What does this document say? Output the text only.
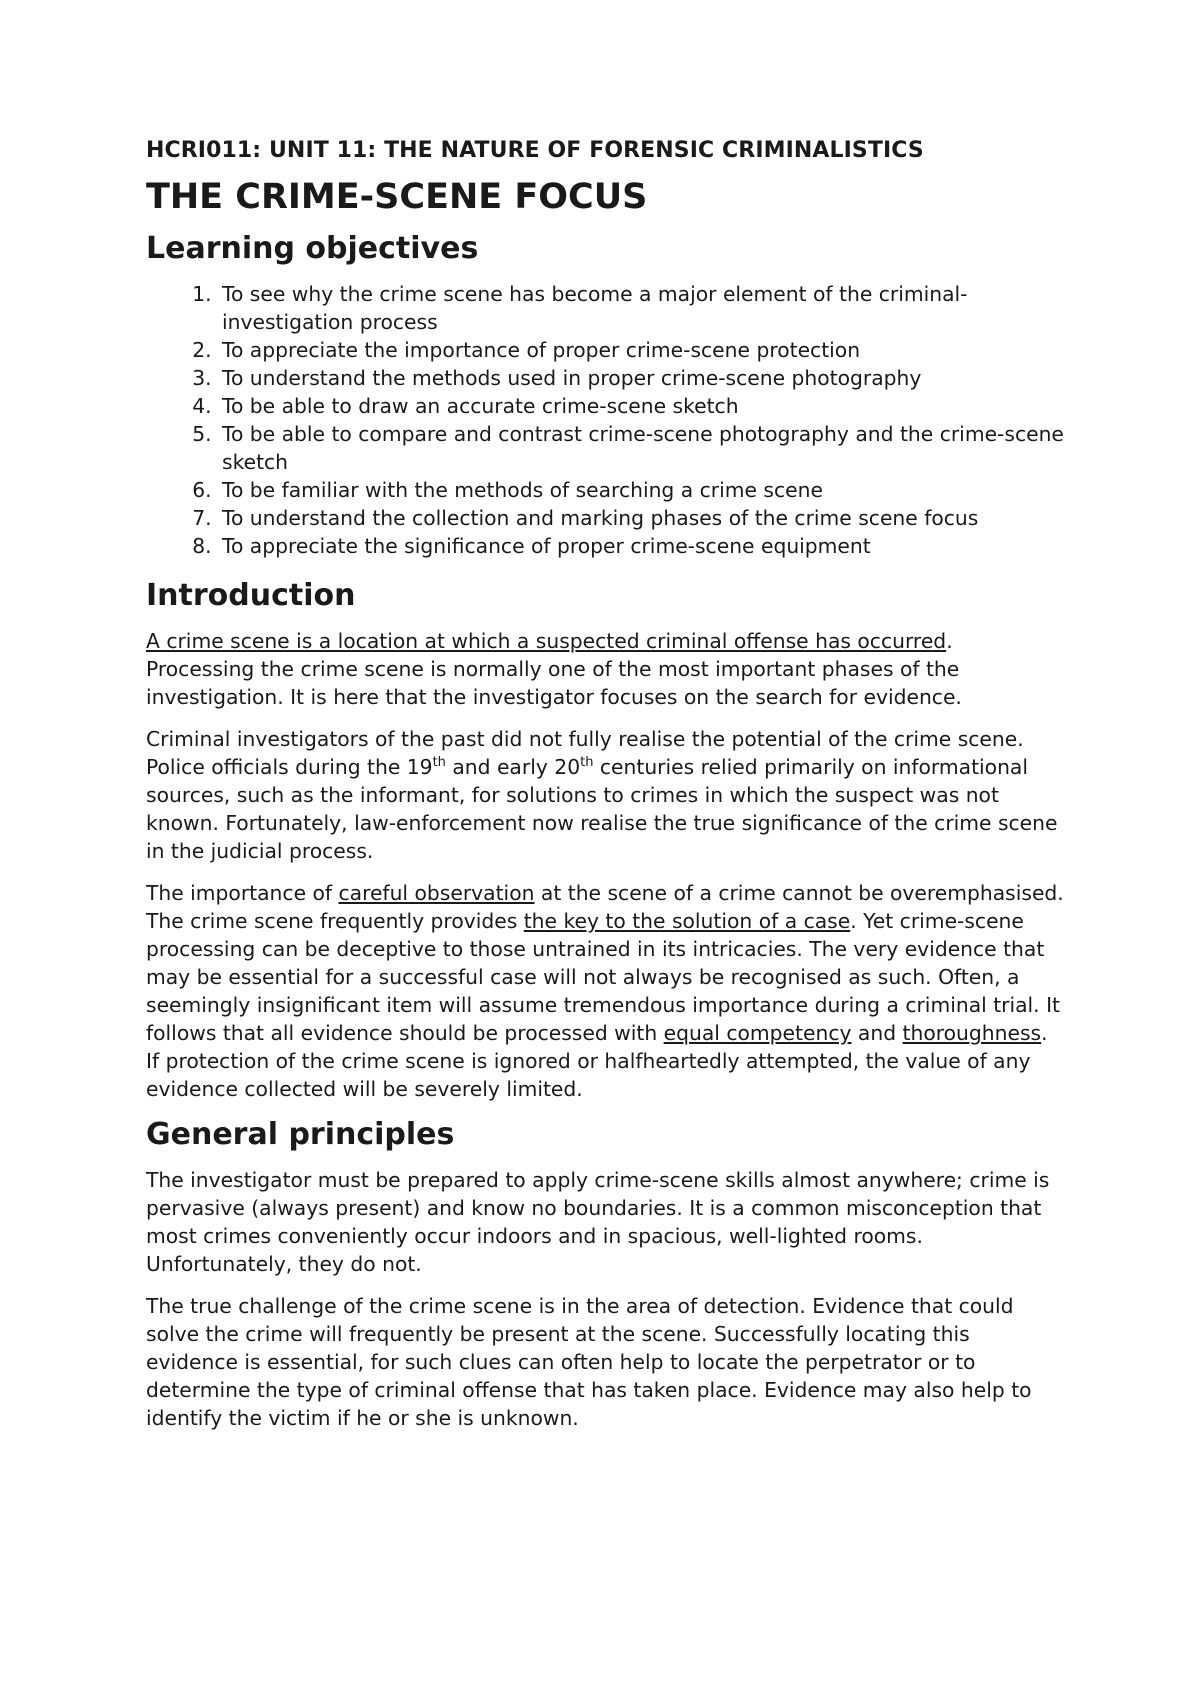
HCRI011: UNIT 11: THE NATURE OF FORENSIC CRIMINALISTICS
THE CRIME-SCENE FOCUS
Learning objectives
1. To see why the crime scene has become a major element of the criminal-investigation process
2. To appreciate the importance of proper crime-scene protection
3. To understand the methods used in proper crime-scene photography
4. To be able to draw an accurate crime-scene sketch
5. To be able to compare and contrast crime-scene photography and the crime-scene sketch
6. To be familiar with the methods of searching a crime scene
7. To understand the collection and marking phases of the crime scene focus
8. To appreciate the significance of proper crime-scene equipment
Introduction

A crime scene is a location at which a suspected criminal offense has occurred. Processing the crime scene is normally one of the most important phases of the investigation. It is here that the investigator focuses on the search for evidence.

Criminal investigators of the past did not fully realise the potential of the crime scene. Police officials during the 19th and early 20th centuries relied primarily on informational sources, such as the informant, for solutions to crimes in which the suspect was not known. Fortunately, law-enforcement now realise the true significance of the crime scene in the judicial process.

The importance of careful observation at the scene of a crime cannot be overemphasised. The crime scene frequently provides the key to the solution of a case. Yet crime-scene processing can be deceptive to those untrained in its intricacies. The very evidence that may be essential for a successful case will not always be recognised as such. Often, a seemingly insignificant item will assume tremendous importance during a criminal trial. It follows that all evidence should be processed with equal competency and thoroughness. If protection of the crime scene is ignored or halfheartedly attempted, the value of any evidence collected will be severely limited.

General principles

The investigator must be prepared to apply crime-scene skills almost anywhere; crime is pervasive (always present) and know no boundaries. It is a common misconception that most crimes conveniently occur indoors and in spacious, well-lighted rooms. Unfortunately, they do not.

The true challenge of the crime scene is in the area of detection. Evidence that could solve the crime will frequently be present at the scene. Successfully locating this evidence is essential, for such clues can often help to locate the perpetrator or to determine the type of criminal offense that has taken place. Evidence may also help to identify the victim if he or she is unknown.
